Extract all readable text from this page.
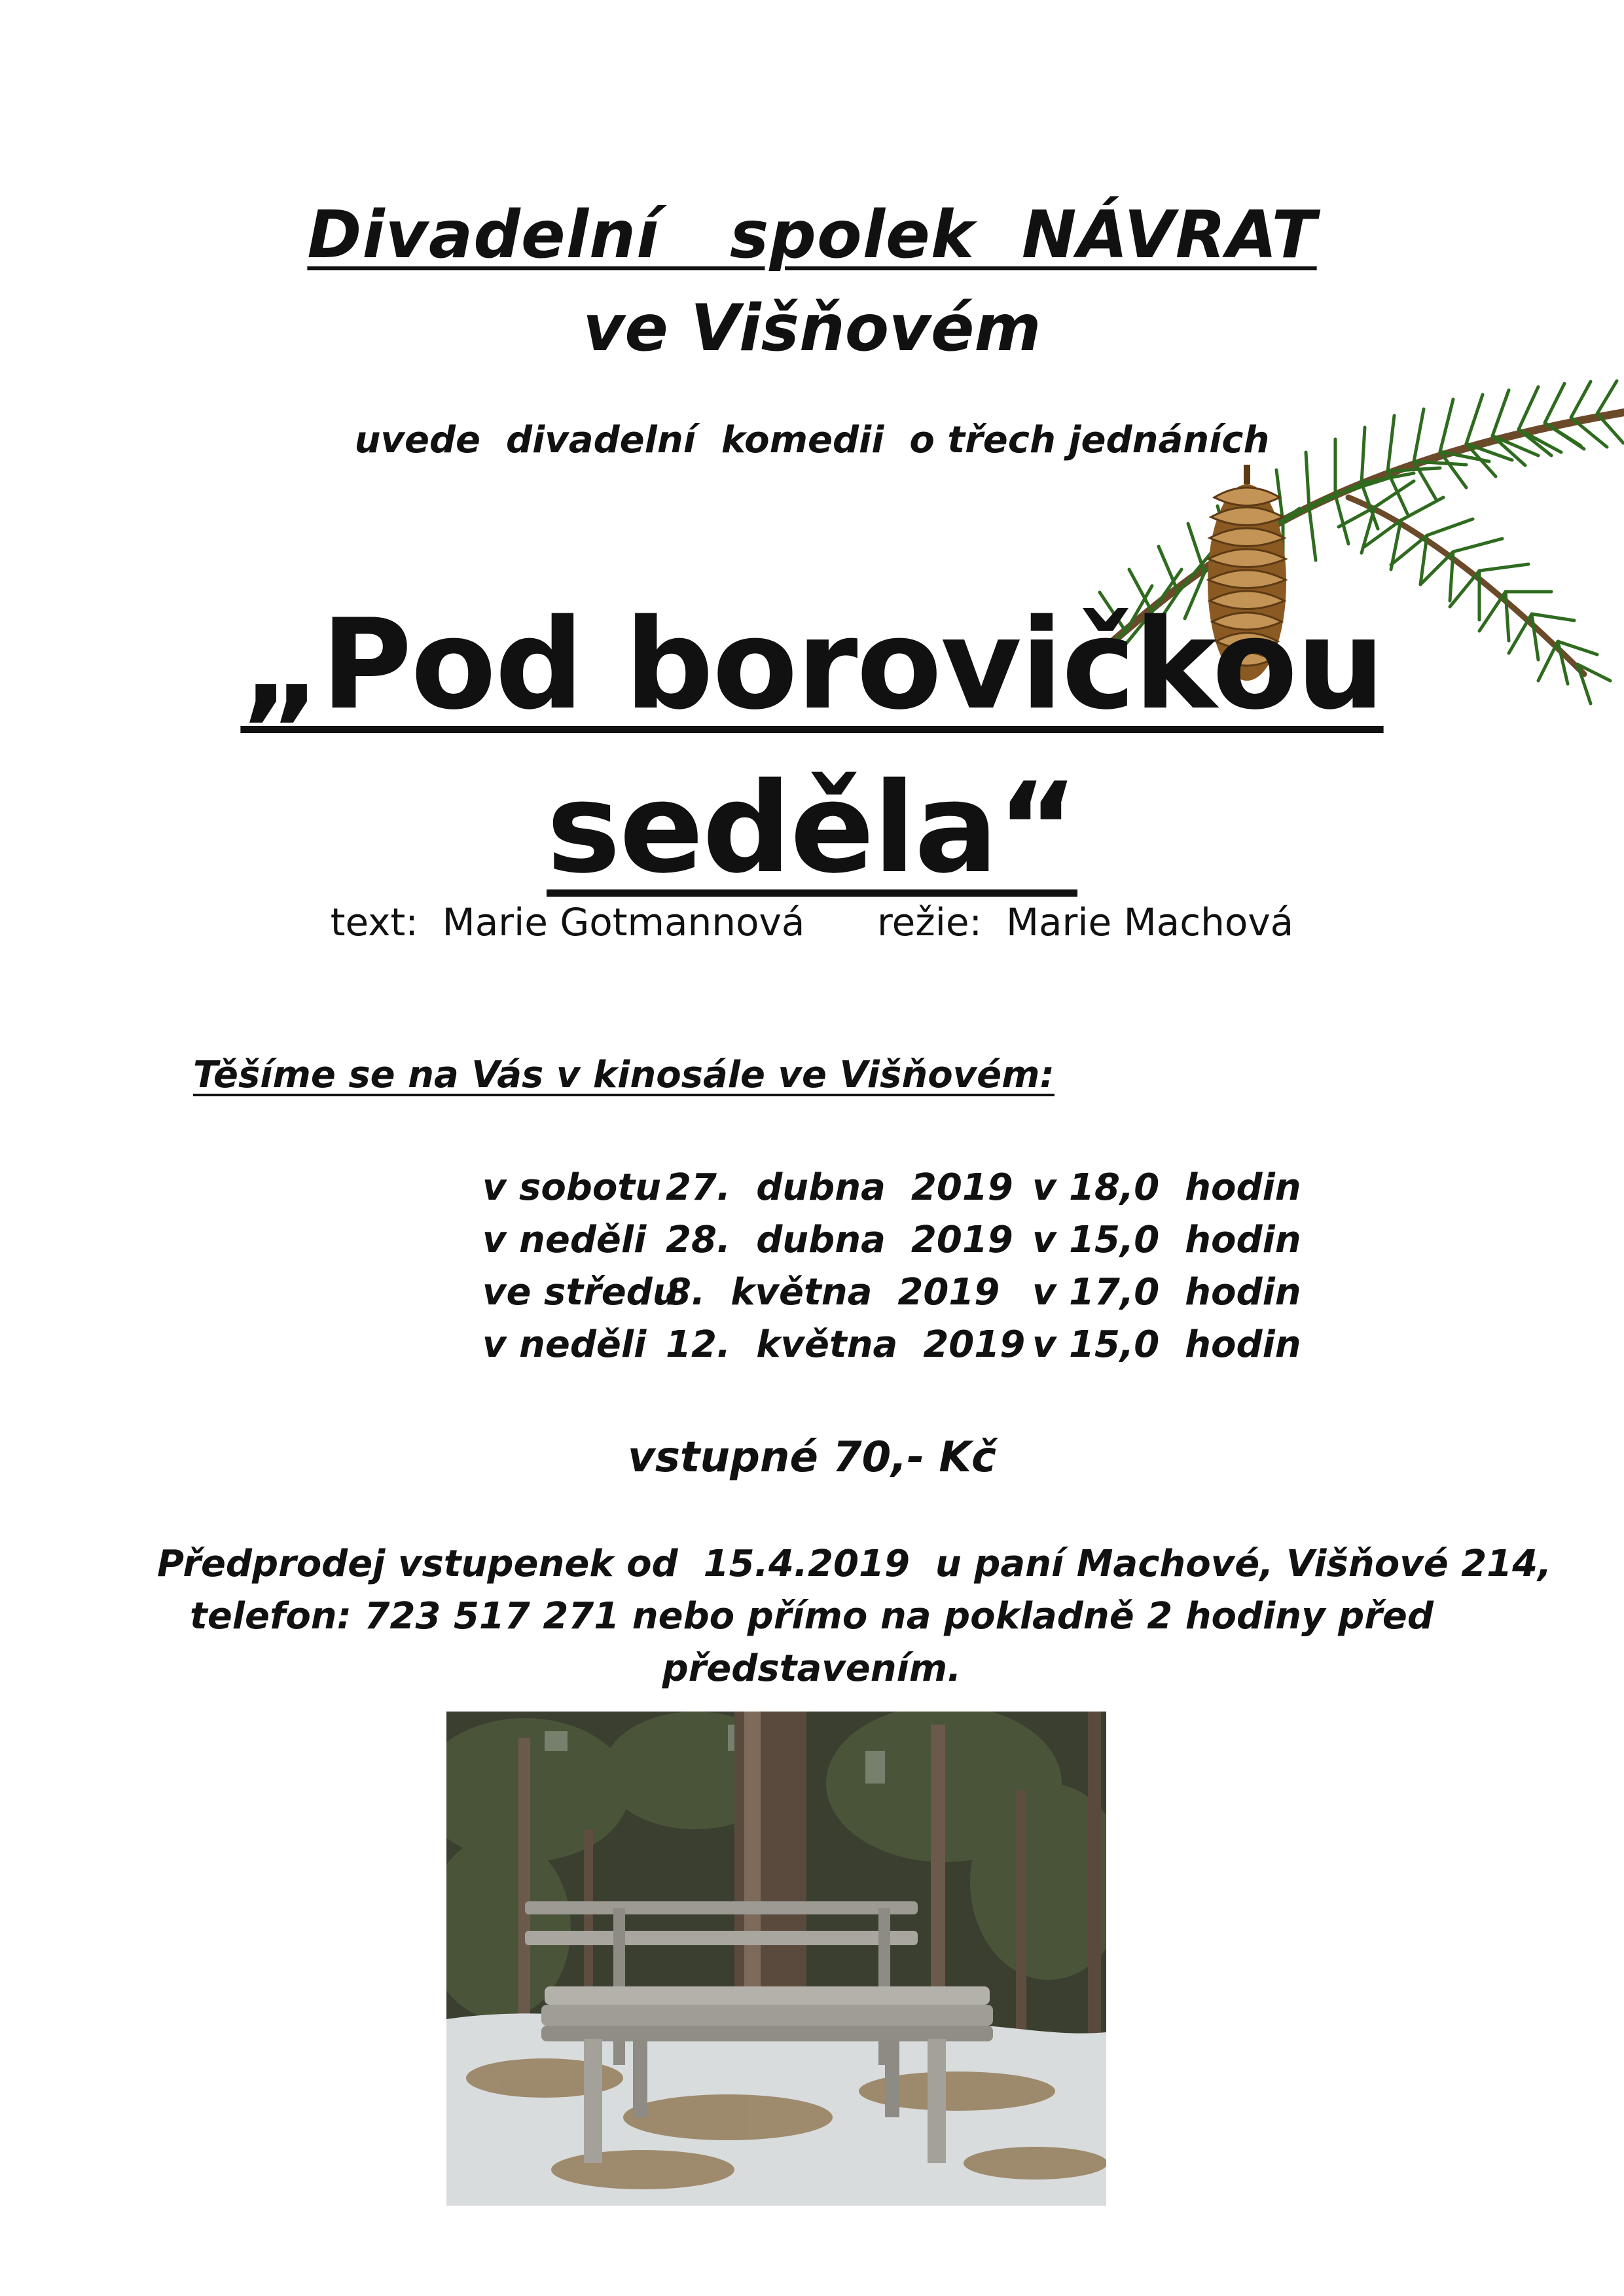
Divadelní   spolek  NÁVRAT
ve Višňovém
uvede  divadelní  komedii  o třech jednáních
„Pod borovičkou
seděla“
text:  Marie Gotmannová      režie:  Marie Machová
Těšíme se na Vás v kinosále ve Višňovém:
v sobotu 27.  dubna  2019 v 18,0  hodin
v neděli 28.  dubna  2019 v 15,0  hodin
ve středu
8.  května  2019 v 17,0  hodin
v neděli 12.  května  2019 v 15,0  hodin
vstupné 70,- Kč
Předprodej vstupenek od  15.4.2019  u paní Machové, Višňové 214,
telefon: 723 517 271 nebo přímo na pokladně 2 hodiny před
představením.
